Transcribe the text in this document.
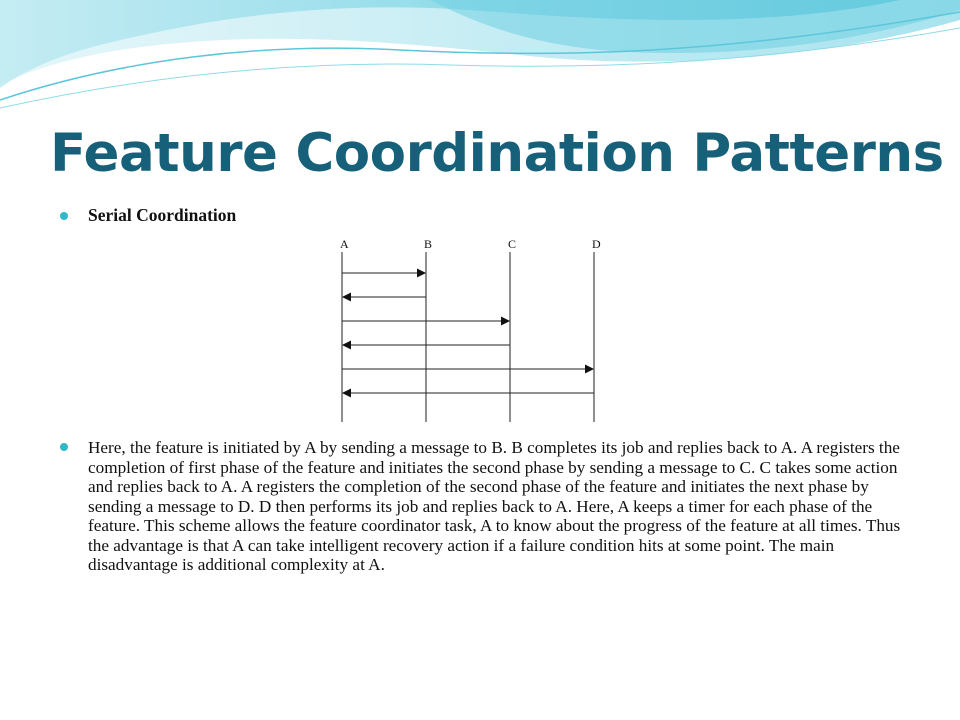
Feature Coordination Patterns
Serial Coordination
A	B	C	D
Here, the feature is initiated by A by sending a message to B. B completes its job and replies back to A. A registers the completion of first phase of the feature and initiates the second phase by sending a message to C. C takes some action and replies back to A. A registers the completion of the second phase of the feature and initiates the next phase by sending a message to D. D then performs its job and replies back to A. Here, A keeps a timer for each phase of the feature. This scheme allows the feature coordinator task, A to know about the progress of the feature at all times. Thus the advantage is that A can take intelligent recovery action if a failure condition hits at some point. The main disadvantage is additional complexity at A.
